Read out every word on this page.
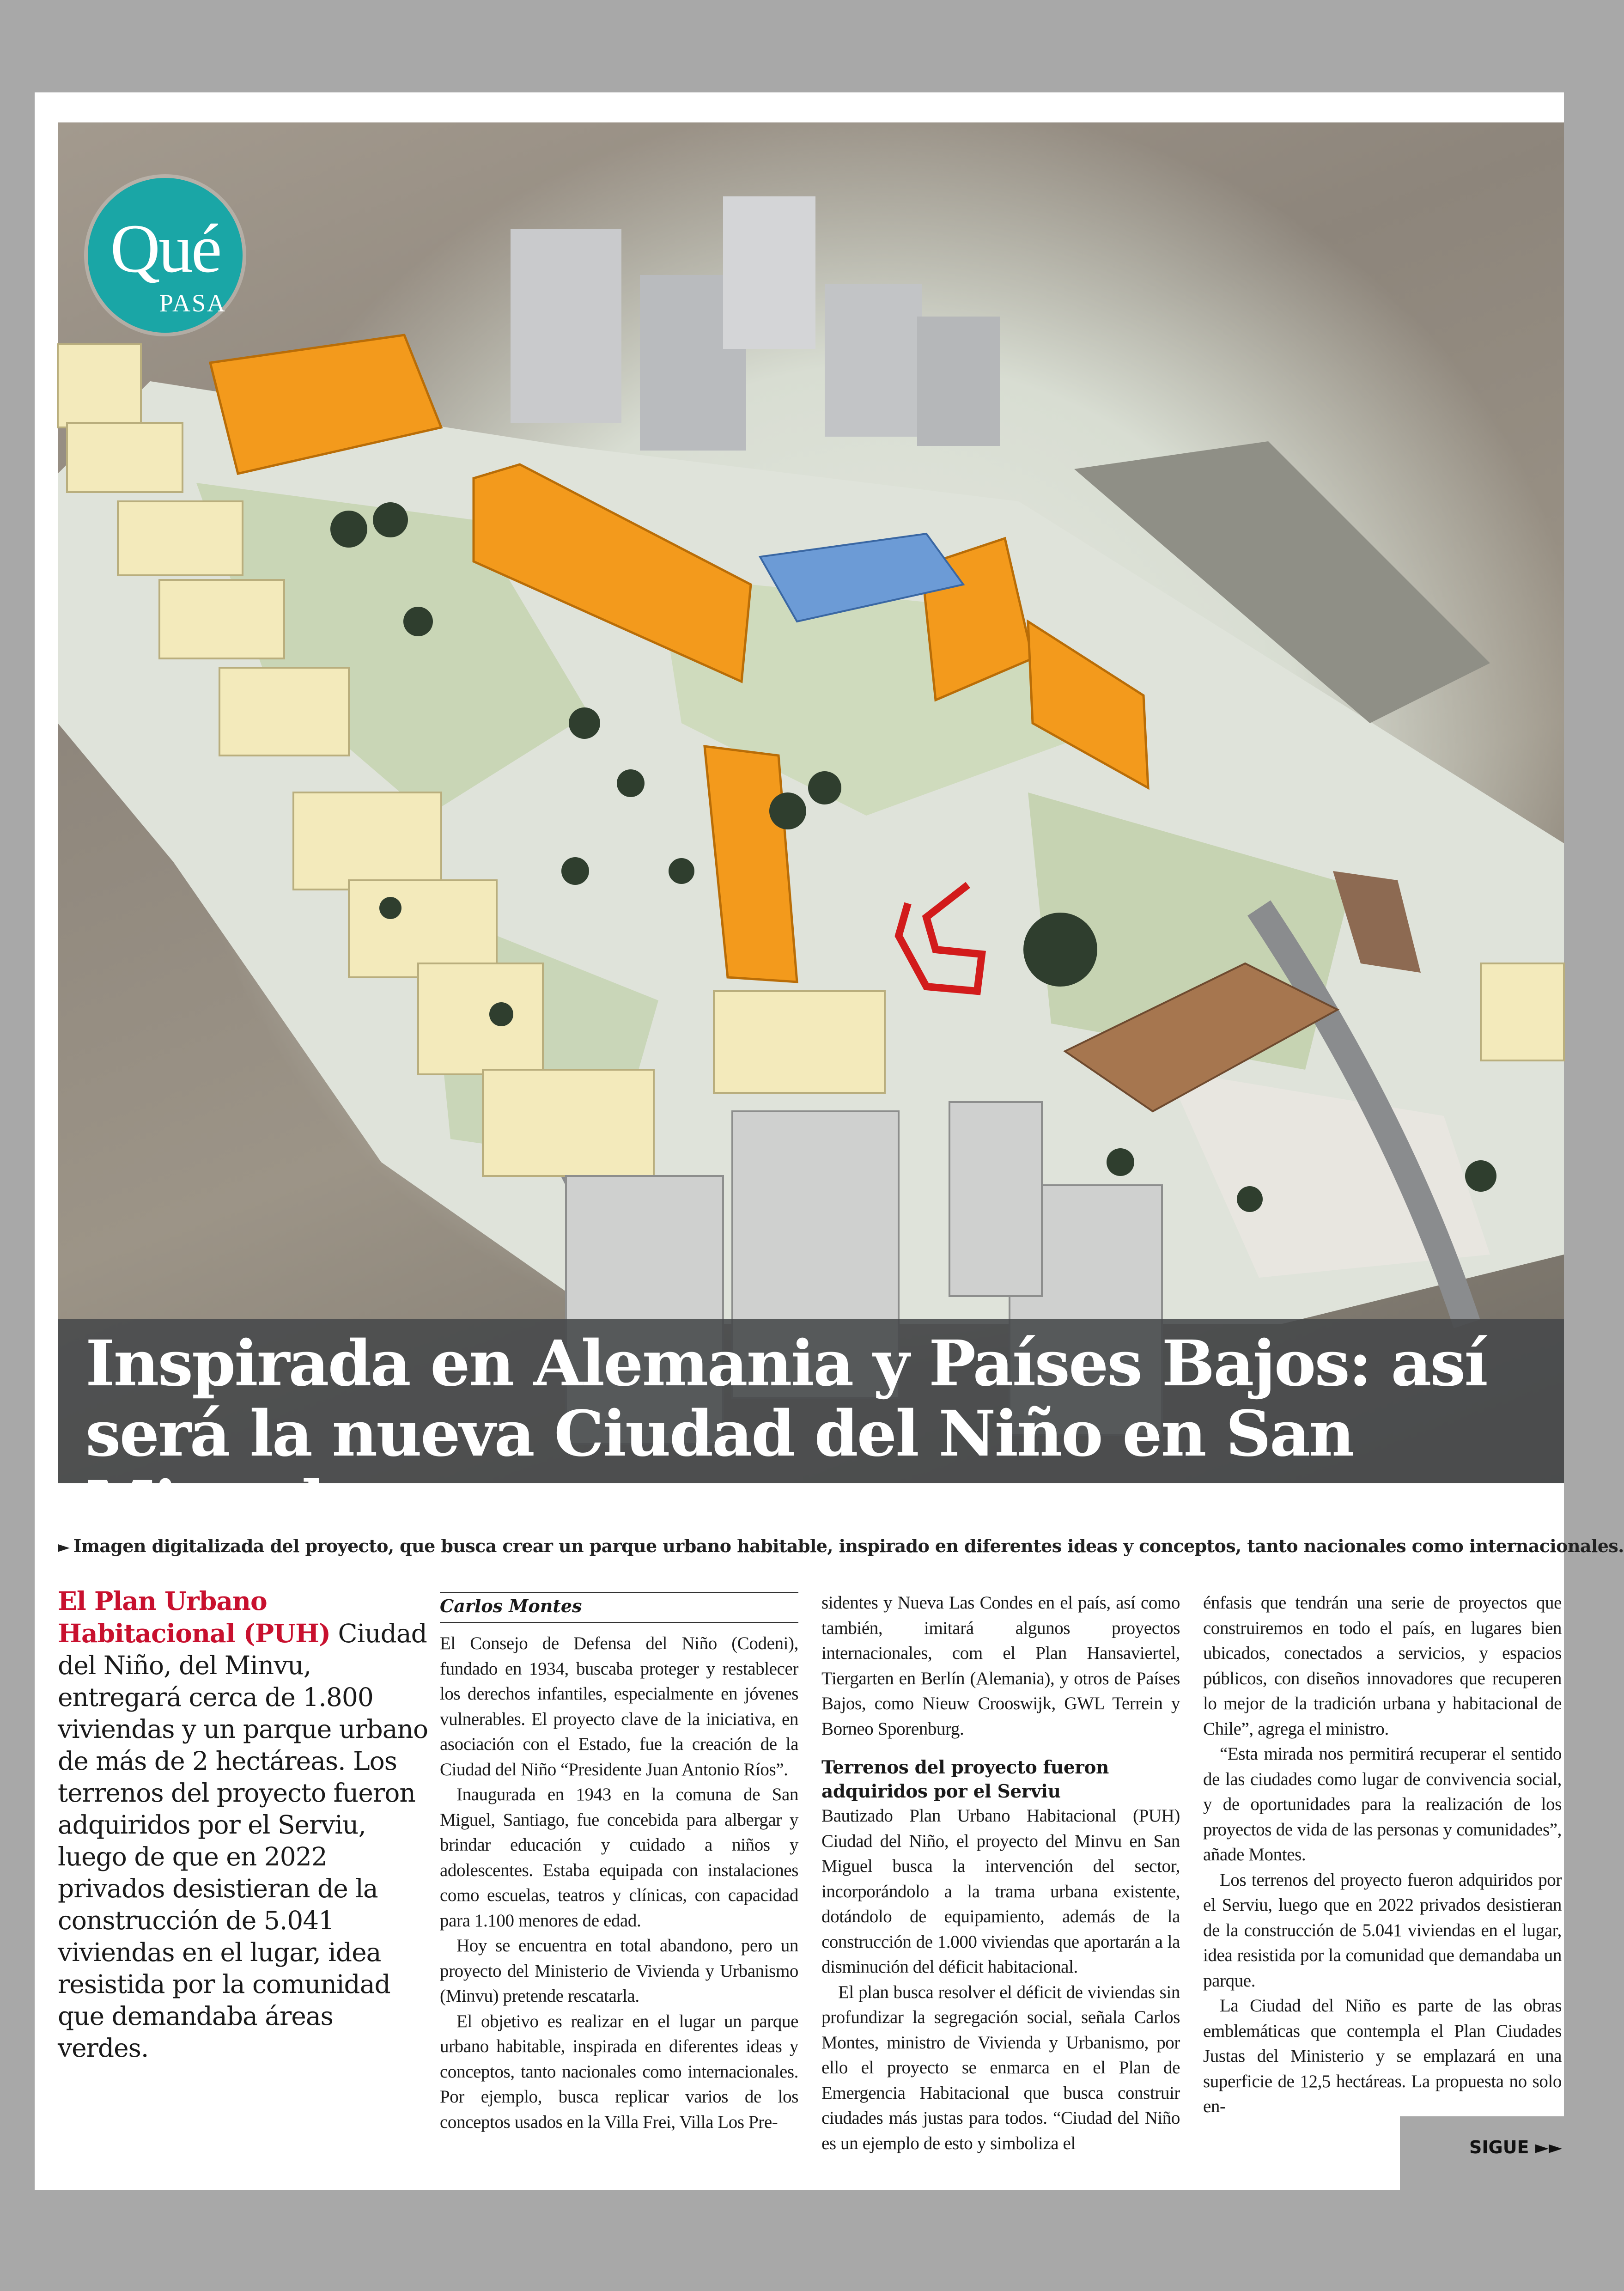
Qué
PASA
Inspirada en Alemania y Países Bajos: así
será la nueva Ciudad del Niño en San Miguel
► Imagen digitalizada del proyecto, que busca crear un parque urbano habitable, inspirado en diferentes ideas y conceptos, tanto nacionales como internacionales.
El Plan Urbano Habitacional (PUH) Ciudad del Niño, del Minvu, entregará cerca de 1.800 viviendas y un parque urbano de más de 2 hectáreas. Los terrenos del proyecto fueron adquiridos por el Serviu, luego de que en 2022 privados desistieran de la construcción de 5.041 viviendas en el lugar, idea resistida por la comunidad que demandaba áreas verdes.
Carlos Montes

El Consejo de Defensa del Niño (Codeni), fundado en 1934, buscaba proteger y restablecer los derechos infantiles, especialmente en jóvenes vulnerables. El proyecto clave de la iniciativa, en asociación con el Estado, fue la creación de la Ciudad del Niño “Presidente Juan Antonio Ríos”.

Inaugurada en 1943 en la comuna de San Miguel, Santiago, fue concebida para albergar y brindar educación y cuidado a niños y adolescentes. Estaba equipada con instalaciones como escuelas, teatros y clínicas, con capacidad para 1.100 menores de edad.

Hoy se encuentra en total abandono, pero un proyecto del Ministerio de Vivienda y Urbanismo (Minvu) pretende rescatarla.

El objetivo es realizar en el lugar un parque urbano habitable, inspirada en diferentes ideas y conceptos, tanto nacionales como internacionales. Por ejemplo, busca replicar varios de los conceptos usados en la Villa Frei, Villa Los Pre-

sidentes y Nueva Las Condes en el país, así como también, imitará algunos proyectos internacionales, com el Plan Hansaviertel, Tiergarten en Berlín (Alemania), y otros de Países Bajos, como Nieuw Crooswijk, GWL Terrein y Borneo Sporenburg.

Terrenos del proyecto fueron adquiridos por el Serviu

Bautizado Plan Urbano Habitacional (PUH) Ciudad del Niño, el proyecto del Minvu en San Miguel busca la intervención del sector, incorporándolo a la trama urbana existente, dotándolo de equipamiento, además de la construcción de 1.000 viviendas que aportarán a la disminución del déficit habitacional.

El plan busca resolver el déficit de viviendas sin profundizar la segregación social, señala Carlos Montes, ministro de Vivienda y Urbanismo, por ello el proyecto se enmarca en el Plan de Emergencia Habitacional que busca construir ciudades más justas para todos. “Ciudad del Niño es un ejemplo de esto y simboliza el

énfasis que tendrán una serie de proyectos que construiremos en todo el país, en lugares bien ubicados, conectados a servicios, y espacios públicos, con diseños innovadores que recuperen lo mejor de la tradición urbana y habitacional de Chile”, agrega el ministro.

“Esta mirada nos permitirá recuperar el sentido de las ciudades como lugar de convivencia social, y de oportunidades para la realización de los proyectos de vida de las personas y comunidades”, añade Montes.

Los terrenos del proyecto fueron adquiridos por el Serviu, luego que en 2022 privados desistieran de la construcción de 5.041 viviendas en el lugar, idea resistida por la comunidad que demandaba un parque.

La Ciudad del Niño es parte de las obras emblemáticas que contempla el Plan Ciudades Justas del Ministerio y se emplazará en una superficie de 12,5 hectáreas. La propuesta no solo en-

SIGUE ►►
